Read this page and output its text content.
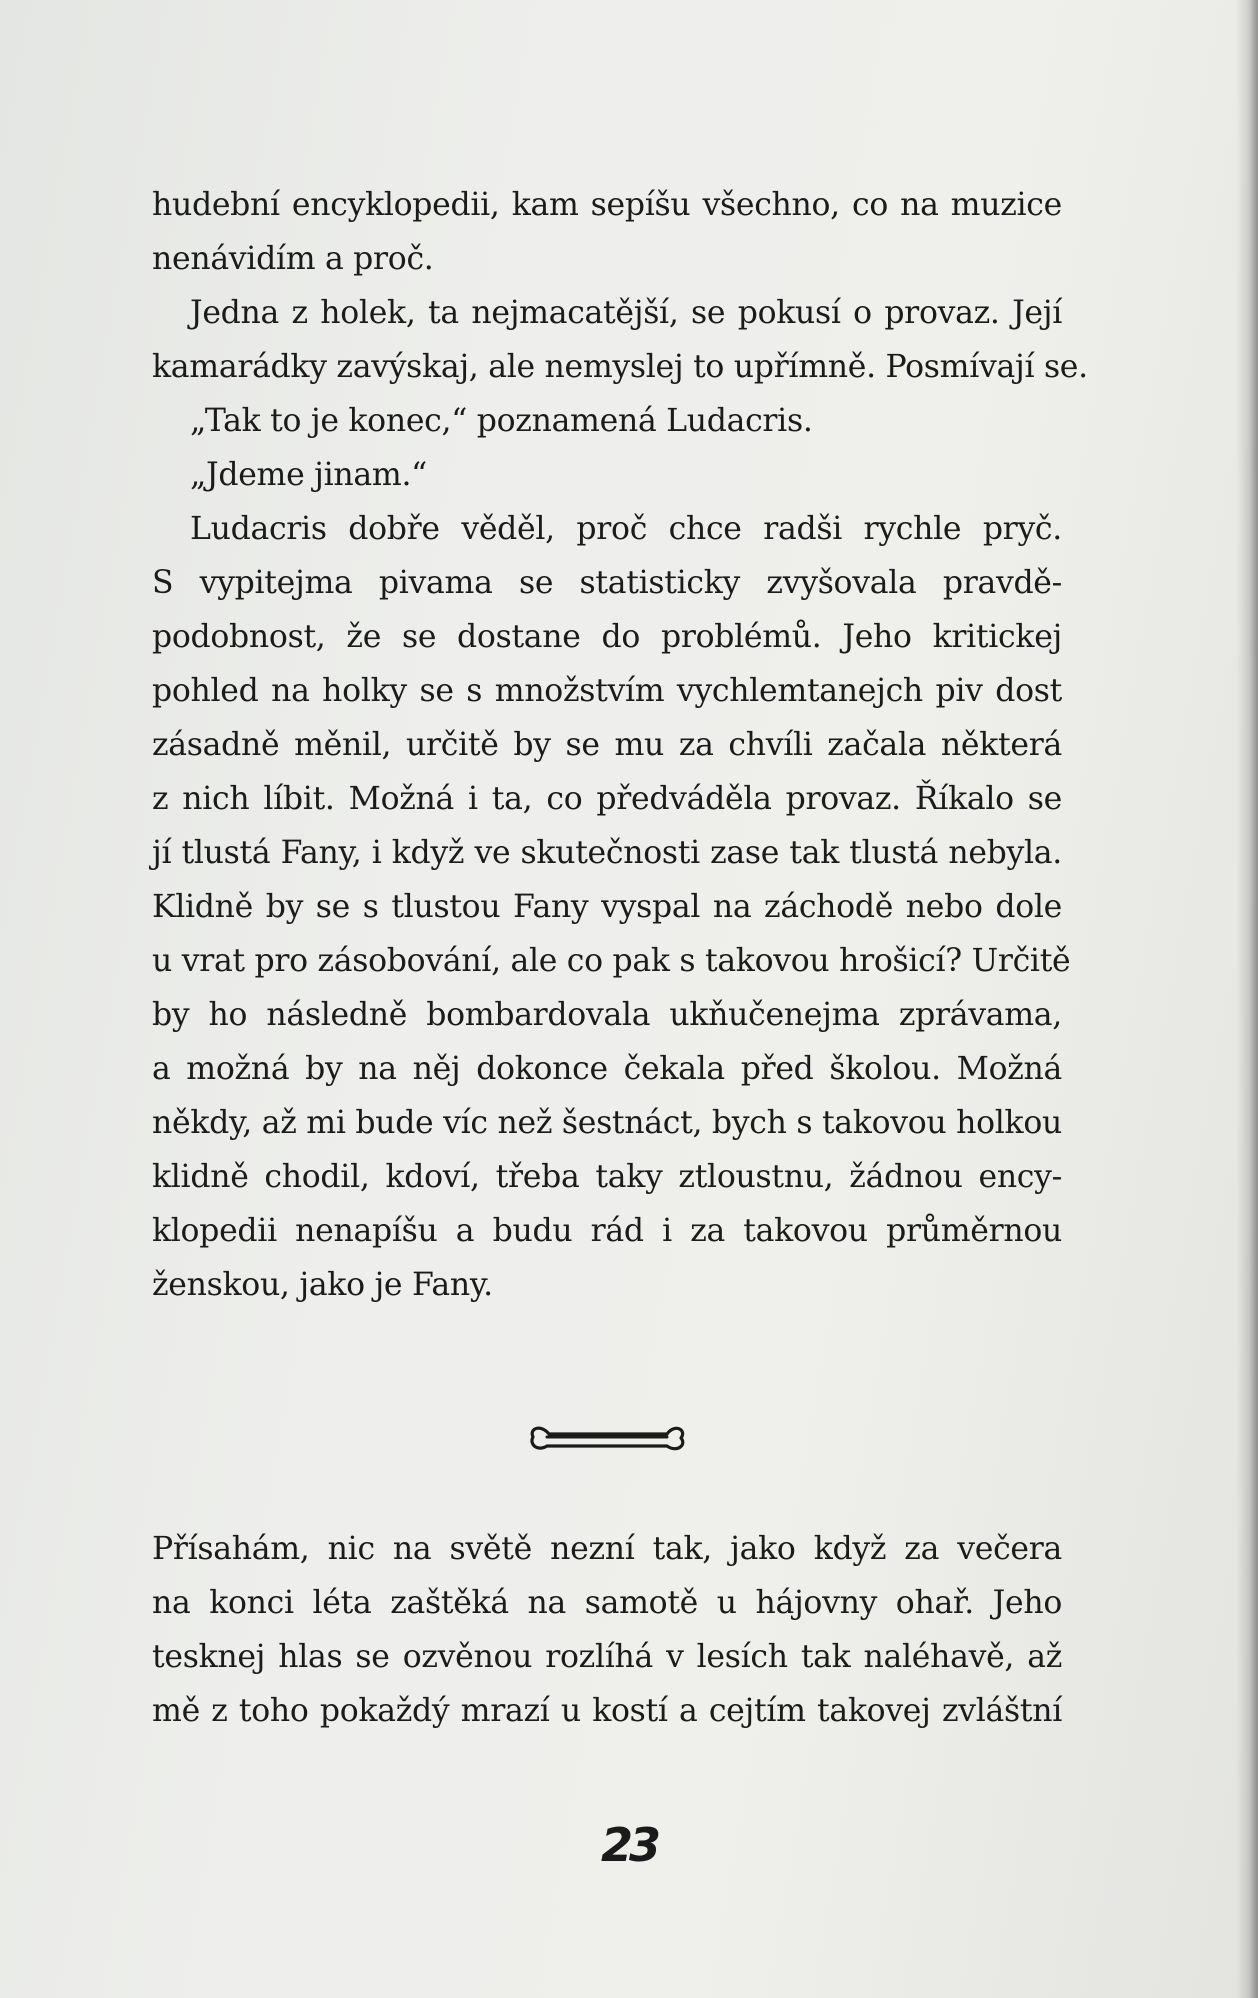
hudební encyklopedii, kam sepíšu všechno, co na muzice
nenávidím a proč.
Jedna z holek, ta nejmacatější, se pokusí o provaz. Její
kamarádky zavýskaj, ale nemyslej to upřímně. Posmívají se.
„Tak to je konec,“ poznamená Ludacris.
„Jdeme jinam.“
Ludacris dobře věděl, proč chce radši rychle pryč.
S vypitejma pivama se statisticky zvyšovala pravdě-
podobnost, že se dostane do problémů. Jeho kritickej
pohled na holky se s množstvím vychlemtanejch piv dost
zásadně měnil, určitě by se mu za chvíli začala některá
z nich líbit. Možná i ta, co předváděla provaz. Říkalo se
jí tlustá Fany, i když ve skutečnosti zase tak tlustá nebyla.
Klidně by se s tlustou Fany vyspal na záchodě nebo dole
u vrat pro zásobování, ale co pak s takovou hrošicí? Určitě
by ho následně bombardovala ukňučenejma zprávama,
a možná by na něj dokonce čekala před školou. Možná
někdy, až mi bude víc než šestnáct, bych s takovou holkou
klidně chodil, kdoví, třeba taky ztloustnu, žádnou ency-
klopedii nenapíšu a budu rád i za takovou průměrnou
ženskou, jako je Fany.
Přísahám, nic na světě nezní tak, jako když za večera
na konci léta zaštěká na samotě u hájovny ohař. Jeho
tesknej hlas se ozvěnou rozlíhá v lesích tak naléhavě, až
mě z toho pokaždý mrazí u kostí a cejtím takovej zvláštní
23
